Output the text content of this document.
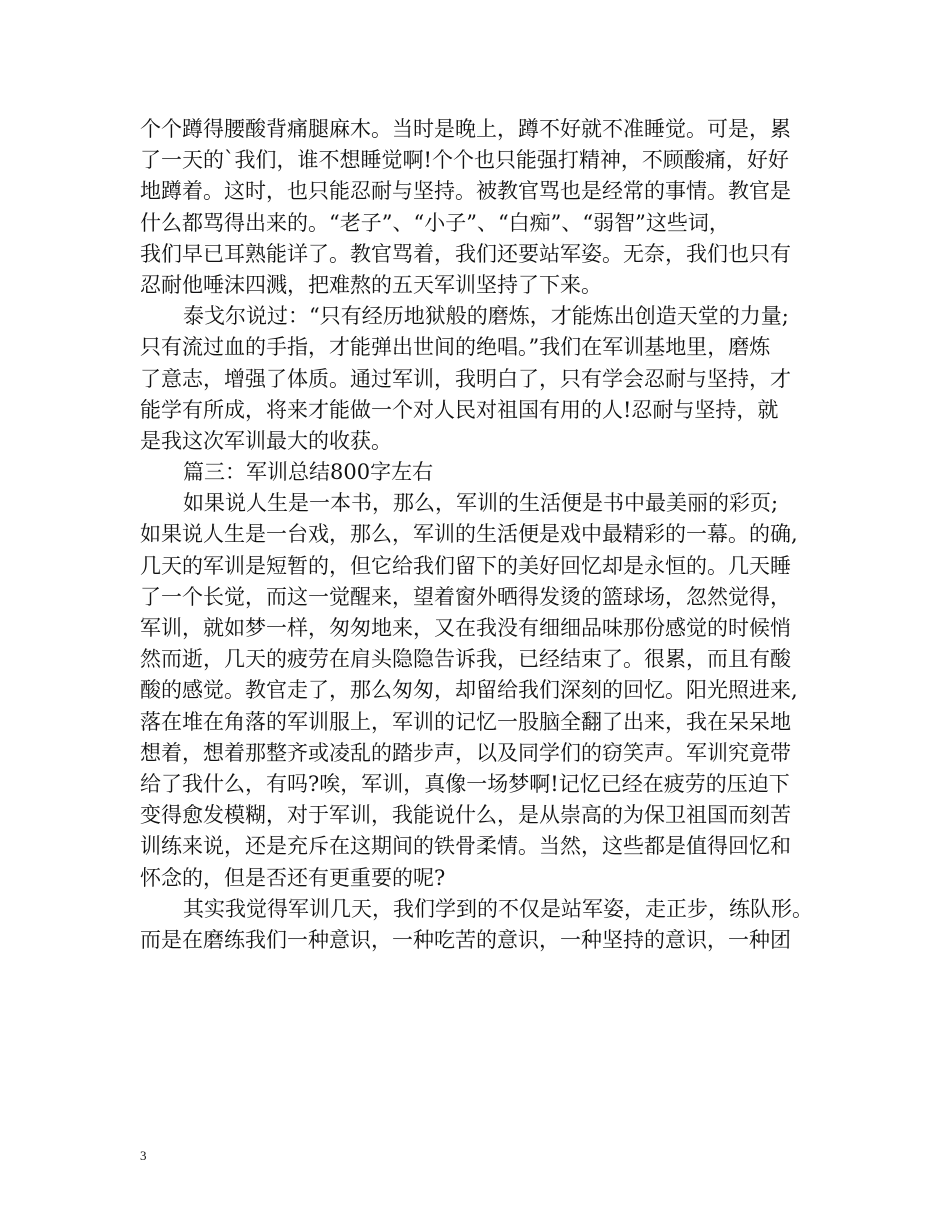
个个蹲得腰酸背痛腿麻木。当时是晚上，蹲不好就不准睡觉。可是，累
了一天的`我们，谁不想睡觉啊!个个也只能强打精神，不顾酸痛，好好
地蹲着。这时，也只能忍耐与坚持。被教官骂也是经常的事情。教官是
什么都骂得出来的。“老子”、“小子”、“白痴”、“弱智”这些词，
我们早已耳熟能详了。教官骂着，我们还要站军姿。无奈，我们也只有
忍耐他唾沫四溅，把难熬的五天军训坚持了下来。
泰戈尔说过：“只有经历地狱般的磨炼，才能炼出创造天堂的力量;
只有流过血的手指，才能弹出世间的绝唱。”我们在军训基地里，磨炼
了意志，增强了体质。通过军训，我明白了，只有学会忍耐与坚持，才
能学有所成，将来才能做一个对人民对祖国有用的人!忍耐与坚持，就
是我这次军训最大的收获。
篇三：军训总结800字左右
如果说人生是一本书，那么，军训的生活便是书中最美丽的彩页;
如果说人生是一台戏，那么，军训的生活便是戏中最精彩的一幕。的确,
几天的军训是短暂的，但它给我们留下的美好回忆却是永恒的。几天睡
了一个长觉，而这一觉醒来，望着窗外晒得发烫的篮球场，忽然觉得，
军训，就如梦一样，匆匆地来，又在我没有细细品味那份感觉的时候悄
然而逝，几天的疲劳在肩头隐隐告诉我，已经结束了。很累，而且有酸
酸的感觉。教官走了，那么匆匆，却留给我们深刻的回忆。阳光照进来,
落在堆在角落的军训服上，军训的记忆一股脑全翻了出来，我在呆呆地
想着，想着那整齐或凌乱的踏步声，以及同学们的窃笑声。军训究竟带
给了我什么，有吗?唉，军训，真像一场梦啊!记忆已经在疲劳的压迫下
变得愈发模糊，对于军训，我能说什么，是从崇高的为保卫祖国而刻苦
训练来说，还是充斥在这期间的铁骨柔情。当然，这些都是值得回忆和
怀念的，但是否还有更重要的呢?
其实我觉得军训几天，我们学到的不仅是站军姿，走正步，练队形。
而是在磨练我们一种意识，一种吃苦的意识，一种坚持的意识，一种团
3
